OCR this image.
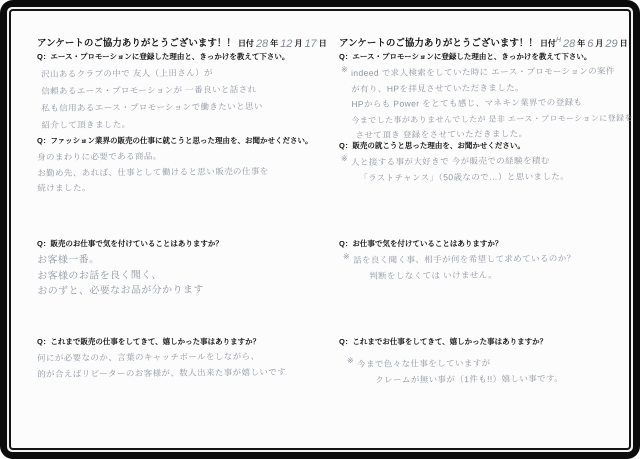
アンケートのご協力ありがとうございます！！ 日付 28 年 12 月 17 日
Q：エース・プロモーションに登録した理由と、きっかけを教えて下さい。
沢山あるクラブの中で 友人（上田さん）が
信頼あるエース・プロモーションが 一番良いと話され
私も信用あるエース・プロモーションで働きたいと思い
紹介して頂きました。
Q：ファッション業界の販売の仕事に就こうと思った理由を、お聞かせください。
身のまわりに必要である商品。
お勤め先、あれば、仕事として働けると思い販売の仕事を
続けました。
Q：販売のお仕事で気を付けていることはありますか？
お客様一番。
お客様のお話を良く聞く、
おのずと、必要なお品が分かります
Q：これまで販売の仕事をしてきて、嬉しかった事はありますか？
何にが必要なのか、言葉のキャッチボールをしながら、
的が合えばリピーターのお客様が、数人出来た事が嬉しいです
アンケートのご協力ありがとうございます！！ 日付$^H$ 28 年 6 月 29 日
Q：エース・プロモーションに登録した理由と、きっかけを教えて下さい。
※ indeed で求人検索をしていた時に エース・プロモーションの案件
が有り、HPを拝見させていただきました。
HPからも Power をとても感じ、マネキン業界での登録も
今までした事がありませんでしたが 是非 エース・プロモーションに登録を
させて頂き 登録をさせていただきました。
Q：販売の就こうと思った理由を、お聞かせください。
※ 人と接する事が大好きで 今が販売での経験を積む
「ラストチャンス」（50歳なので…）と思いました。
Q：お仕事で気を付けていることはありますか？
※ 話を良く聞く事、相手が何を希望して求めているのか？
判断をしなくては いけません。
Q：これまでお仕事をしてきて、嬉しかった事はありますか？
※ 今まで色々な仕事をしていますが
クレームが無い事が（1件も!!）嬉しい事です。
